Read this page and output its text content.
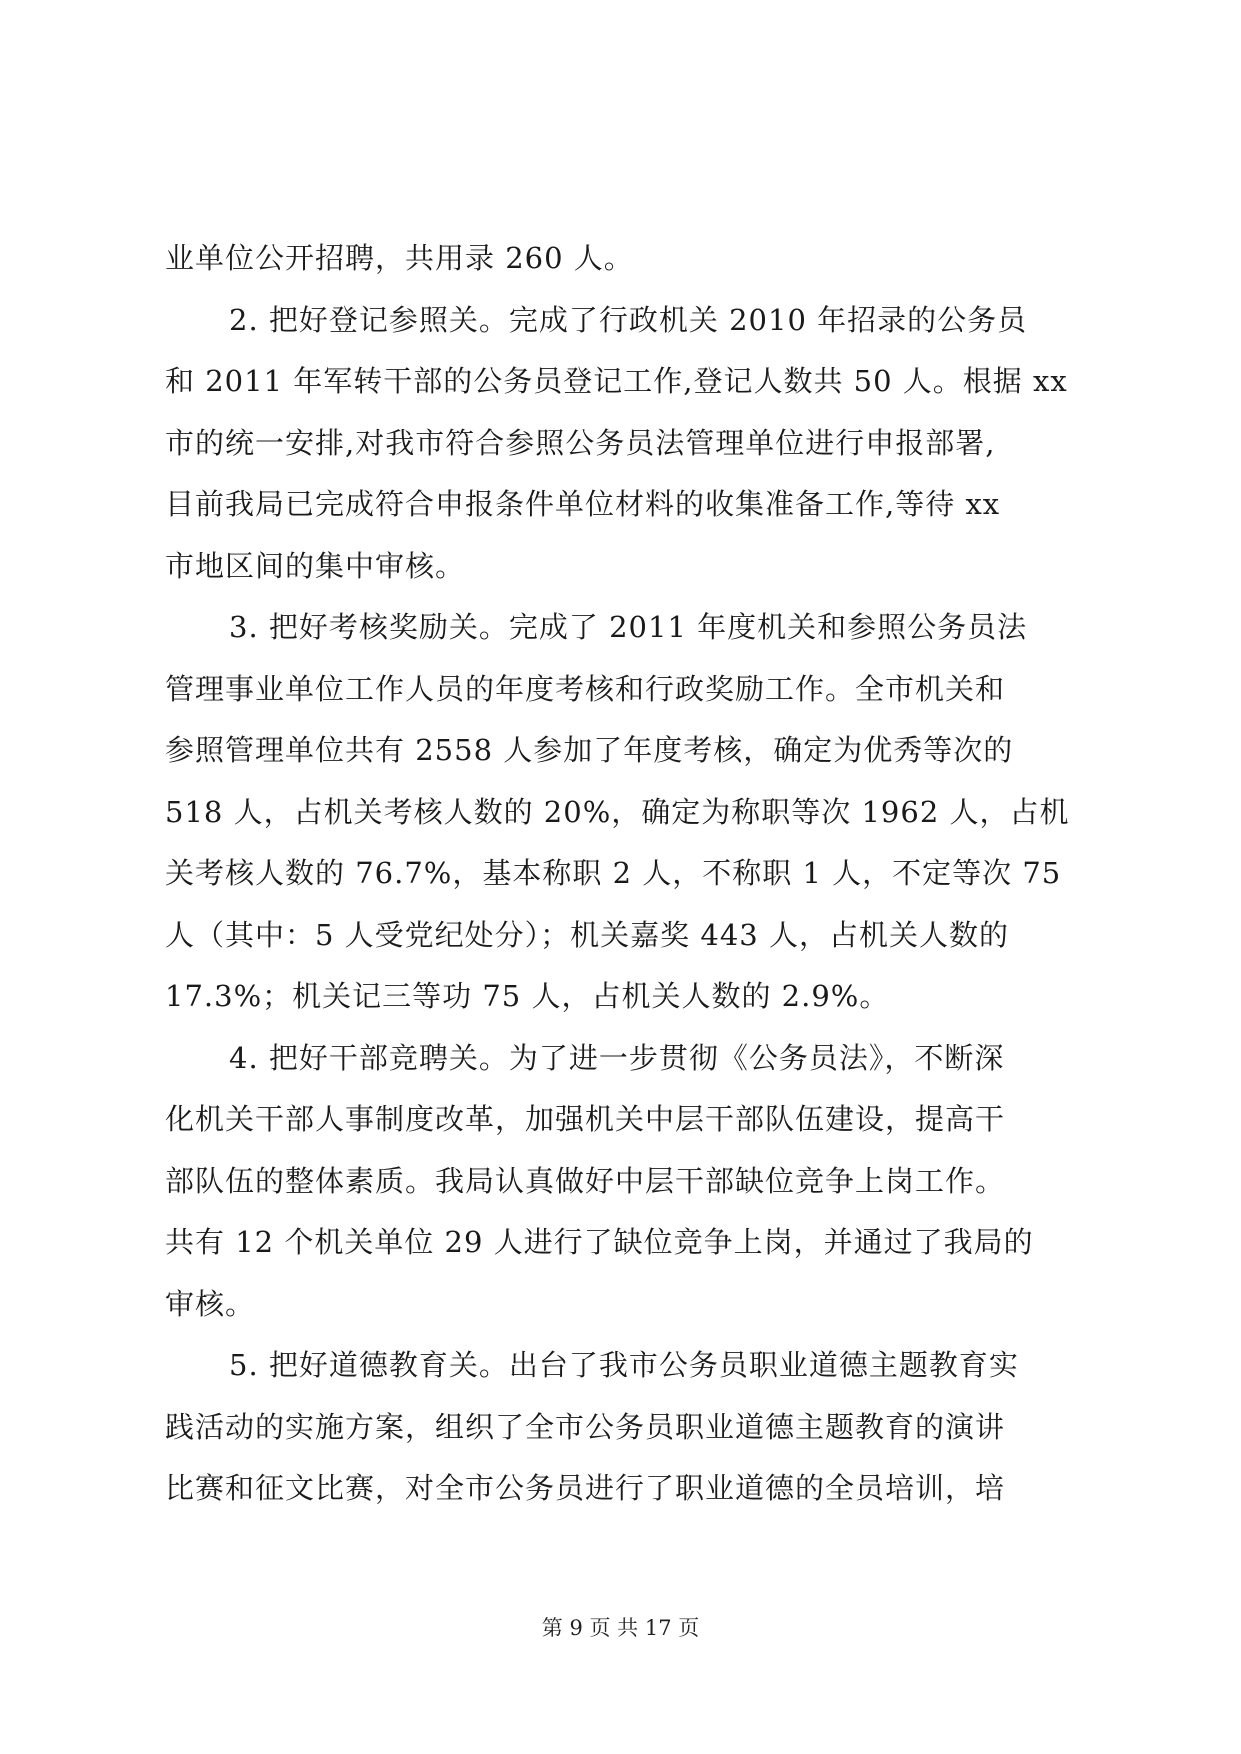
业单位公开招聘，共用录 260 人。
2. 把好登记参照关。完成了行政机关 2010 年招录的公务员
和 2011 年军转干部的公务员登记工作,登记人数共 50 人。根据 xx
市的统一安排,对我市符合参照公务员法管理单位进行申报部署,
目前我局已完成符合申报条件单位材料的收集准备工作,等待 xx
市地区间的集中审核。
3. 把好考核奖励关。完成了 2011 年度机关和参照公务员法
管理事业单位工作人员的年度考核和行政奖励工作。全市机关和
参照管理单位共有 2558 人参加了年度考核，确定为优秀等次的
518 人，占机关考核人数的 20%，确定为称职等次 1962 人，占机
关考核人数的 76.7%，基本称职 2 人，不称职 1 人，不定等次 75
人（其中：5 人受党纪处分）；机关嘉奖 443 人，占机关人数的
17.3%；机关记三等功 75 人，占机关人数的 2.9%。
4. 把好干部竞聘关。为了进一步贯彻《公务员法》，不断深
化机关干部人事制度改革，加强机关中层干部队伍建设，提高干
部队伍的整体素质。我局认真做好中层干部缺位竞争上岗工作。
共有 12 个机关单位 29 人进行了缺位竞争上岗，并通过了我局的
审核。
5. 把好道德教育关。出台了我市公务员职业道德主题教育实
践活动的实施方案，组织了全市公务员职业道德主题教育的演讲
比赛和征文比赛，对全市公务员进行了职业道德的全员培训，培
第 9 页 共 17 页
